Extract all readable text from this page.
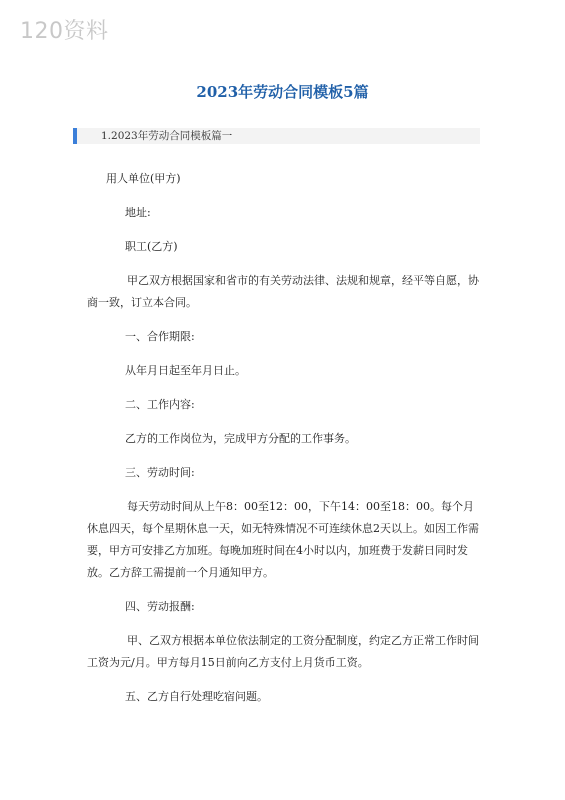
120资料
2023年劳动合同模板5篇
1.2023年劳动合同模板篇一

用人单位(甲方)

地址:

职工(乙方)

甲乙双方根据国家和省市的有关劳动法律、法规和规章，经平等自愿，协商一致，订立本合同。

一、合作期限:

从年月日起至年月日止。

二、工作内容:

乙方的工作岗位为，完成甲方分配的工作事务。

三、劳动时间:

每天劳动时间从上午8：00至12：00，下午14：00至18：00。每个月休息四天，每个星期休息一天，如无特殊情况不可连续休息2天以上。如因工作需要，甲方可安排乙方加班。每晚加班时间在4小时以内，加班费于发薪日同时发放。乙方辞工需提前一个月通知甲方。

四、劳动报酬:

甲、乙双方根据本单位依法制定的工资分配制度，约定乙方正常工作时间工资为元/月。甲方每月15日前向乙方支付上月货币工资。

五、乙方自行处理吃宿问题。
